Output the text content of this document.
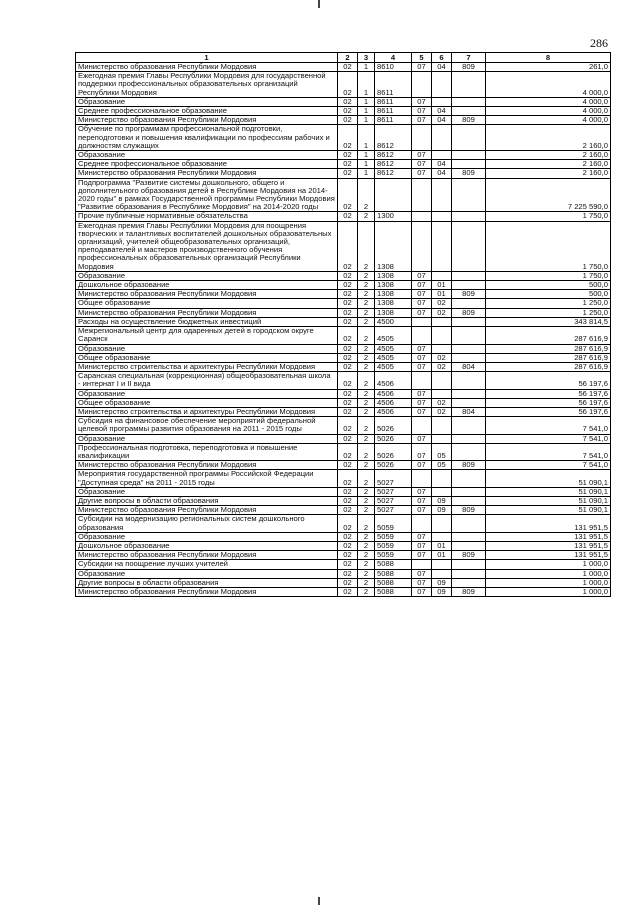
286
1	2	3	4	5	6	7	8
Министерство образования Республики Мордовия	02	1	8610	07	04	809	261,0
Ежегодная премия Главы Республики Мордовия для государственной поддержки профессиональных образовательных организаций Республики Мордовия	02	1	8611				4 000,0
Образование	02	1	8611	07			4 000,0
Среднее профессиональное образование	02	1	8611	07	04		4 000,0
Министерство образования Республики Мордовия	02	1	8611	07	04	809	4 000,0
Обучение по программам профессиональной подготовки, переподготовки и повышения квалификации по профессиям рабочих и должностям служащих	02	1	8612				2 160,0
Образование	02	1	8612	07			2 160,0
Среднее профессиональное образование	02	1	8612	07	04		2 160,0
Министерство образования Республики Мордовия	02	1	8612	07	04	809	2 160,0
Подпрограмма "Развитие системы дошкольного, общего и дополнительного образования детей в Республике Мордовия на 2014-2020 годы" в рамках Государственной программы Республики Мордовия "Развитие образования в Республике Мордовия" на 2014-2020 годы	02	2					7 225 590,0
Прочие публичные нормативные обязательства	02	2	1300				1 750,0
Ежегодная премия Главы Республики Мордовия для поощрения творческих и талантливых воспитателей дошкольных образовательных организаций, учителей общеобразовательных организаций, преподавателей и мастеров производственного обучения профессиональных образовательных организаций Республики Мордовия	02	2	1308				1 750,0
Образование	02	2	1308	07			1 750,0
Дошкольное образование	02	2	1308	07	01		500,0
Министерство образования Республики Мордовия	02	2	1308	07	01	809	500,0
Общее образование	02	2	1308	07	02		1 250,0
Министерство образования Республики Мордовия	02	2	1308	07	02	809	1 250,0
Расходы на осуществление бюджетных инвестиций	02	2	4500				343 814,5
Межрегиональный центр для одаренных детей в городском округе Саранск	02	2	4505				287 616,9
Образование	02	2	4505	07			287 616,9
Общее образование	02	2	4505	07	02		287 616,9
Министерство строительства и архитектуры Республики Мордовия	02	2	4505	07	02	804	287 616,9
Саранская специальная (коррекционная) общеобразовательная школа - интернат I и II вида	02	2	4506				56 197,6
Образование	02	2	4506	07			56 197,6
Общее образование	02	2	4506	07	02		56 197,6
Министерство строительства и архитектуры Республики Мордовия	02	2	4506	07	02	804	56 197,6
Субсидия на финансовое обеспечение мероприятий федеральной целевой программы развития образования на 2011 - 2015 годы	02	2	5026				7 541,0
Образование	02	2	5026	07			7 541,0
Профессиональная подготовка, переподготовка и повышение квалификации	02	2	5026	07	05		7 541,0
Министерство образования Республики Мордовия	02	2	5026	07	05	809	7 541,0
Мероприятия государственной программы Российской Федерации "Доступная среда" на 2011 - 2015 годы	02	2	5027				51 090,1
Образование	02	2	5027	07			51 090,1
Другие вопросы в области образования	02	2	5027	07	09		51 090,1
Министерство образования Республики Мордовия	02	2	5027	07	09	809	51 090,1
Субсидии на модернизацию региональных систем дошкольного образования	02	2	5059				131 951,5
Образование	02	2	5059	07			131 951,5
Дошкольное образование	02	2	5059	07	01		131 951,5
Министерство образования Республики Мордовия	02	2	5059	07	01	809	131 951,5
Субсидии на поощрение лучших учителей	02	2	5088				1 000,0
Образование	02	2	5088	07			1 000,0
Другие вопросы в области образования	02	2	5088	07	09		1 000,0
Министерство образования Республики Мордовия	02	2	5088	07	09	809	1 000,0
